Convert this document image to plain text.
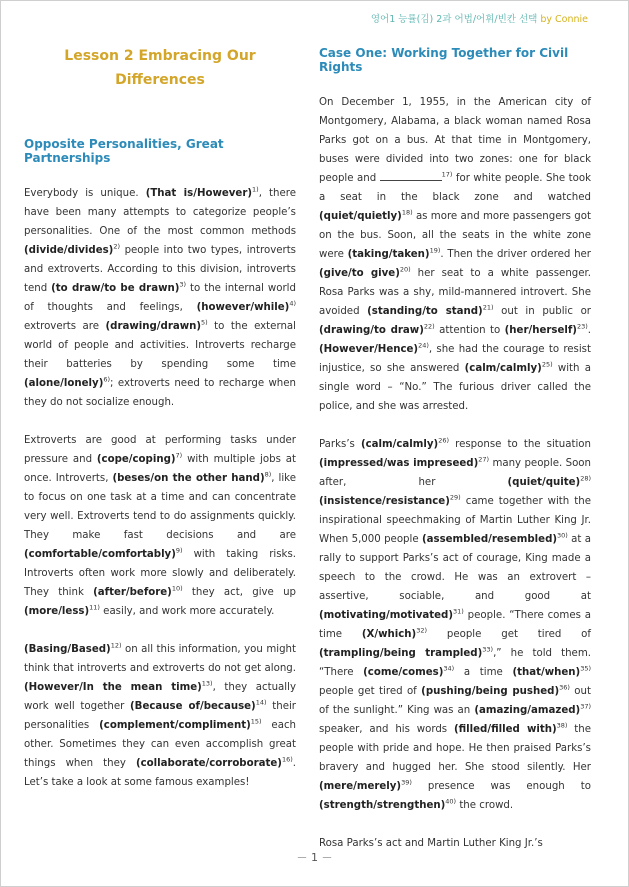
영어1 능률(김) 2과 어법/어휘/빈칸 선택 by Connie
Lesson 2 Embracing Our
Differences
Opposite Personalities, Great Partnerships

Everybody is unique. (That is/However)$^{1)}$, there have been many attempts to categorize people’s personalities. One of the most common methods (divide/divides)$^{2)}$ people into two types, introverts and extroverts. According to this division, introverts tend (to draw/to be drawn)$^{3)}$ to the internal world of thoughts and feelings, (however/while)$^{4)}$ extroverts are (drawing/drawn)$^{5)}$ to the external world of people and activities. Introverts recharge their batteries by spending some time (alone/lonely)$^{6)}$; extroverts need to recharge when they do not socialize enough.

Extroverts are good at performing tasks under pressure and (cope/coping)$^{7)}$ with multiple jobs at once. Introverts, (beses/on the other hand)$^{8)}$, like to focus on one task at a time and can concentrate very well. Extroverts tend to do assignments quickly. They make fast decisions and are (comfortable/comfortably)$^{9)}$ with taking risks. Introverts often work more slowly and deliberately. They think (after/before)$^{10)}$ they act, give up (more/less)$^{11)}$ easily, and work more accurately.

(Basing/Based)$^{12)}$ on all this information, you might think that introverts and extroverts do not get along. (However/In the mean time)$^{13)}$, they actually work well together (Because of/because)$^{14)}$ their personalities (complement/compliment)$^{15)}$ each other. Sometimes they can even accomplish great things when they (collaborate/corroborate)$^{16)}$. Let’s take a look at some famous examples!

Case One: Working Together for Civil Rights

On December 1, 1955, in the American city of Montgomery, Alabama, a black woman named Rosa Parks got on a bus. At that time in Montgomery, buses were divided into two zones: one for black people and	$^{17)}$ for white people. She took a seat in the black zone and watched (quiet/quietly)$^{18)}$ as more and more passengers got on the bus. Soon, all the seats in the white zone were (taking/taken)$^{19)}$. Then the driver ordered her (give/to give)$^{20)}$ her seat to a white passenger. Rosa Parks was a shy, mild-mannered introvert. She avoided (standing/to stand)$^{21)}$ out in public or (drawing/to draw)$^{22)}$ attention to (her/herself)$^{23)}$. (However/Hence)$^{24)}$, she had the courage to resist injustice, so she answered (calm/calmly)$^{25)}$ with a single word – “No.” The furious driver called the police, and she was arrested.

Parks’s (calm/calmly)$^{26)}$ response to the situation (impressed/was impreseed)$^{27)}$ many people. Soon after, her (quiet/quite)$^{28)}$ (insistence/resistance)$^{29)}$ came together with the inspirational speechmaking of Martin Luther King Jr. When 5,000 people (assembled/resembled)$^{30)}$ at a rally to support Parks’s act of courage, King made a speech to the crowd. He was an extrovert – assertive, sociable, and good at (motivating/motivated)$^{31)}$ people. “There comes a time (X/which)$^{32)}$ people get tired of (trampling/being trampled)$^{33)}$,” he told them. “There (come/comes)$^{34)}$ a time (that/when)$^{35)}$ people get tired of (pushing/being pushed)$^{36)}$ out of the sunlight.” King was an (amazing/amazed)$^{37)}$ speaker, and his words (filled/filled with)$^{38)}$ the people with pride and hope. He then praised Parks’s bravery and hugged her. She stood silently. Her (mere/merely)$^{39)}$ presence was enough to (strength/strengthen)$^{40)}$ the crowd.

Rosa Parks’s act and Martin Luther King Jr.’s

－ 1 －
